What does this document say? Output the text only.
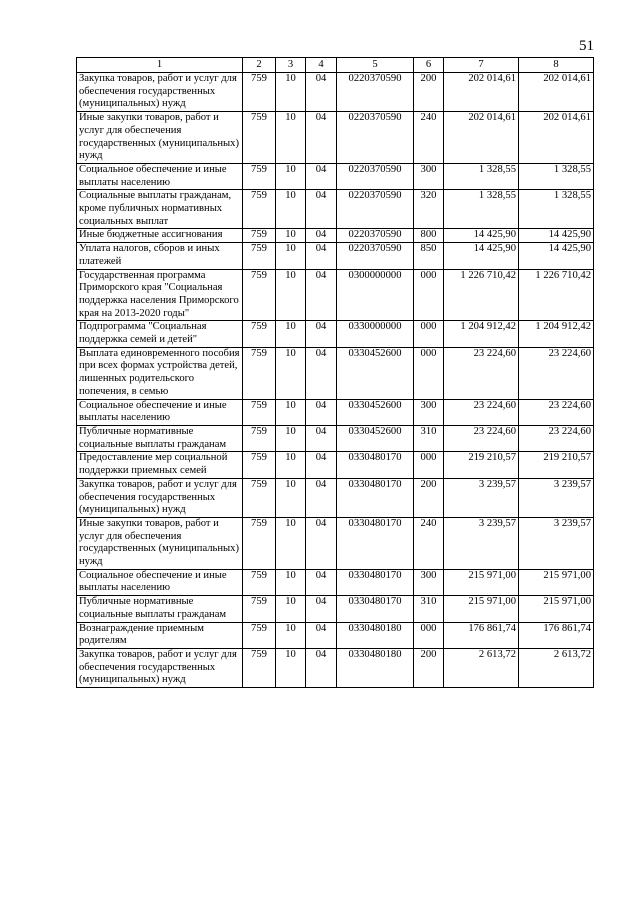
51
1	2	3	4	5	6	7	8
Закупка товаров, работ и услуг для обеспечения государственных (муниципальных) нужд	759	10	04	0220370590	200	202 014,61	202 014,61
Иные закупки товаров, работ и услуг для обеспечения государственных (муниципальных) нужд	759	10	04	0220370590	240	202 014,61	202 014,61
Социальное обеспечение и иные выплаты населению	759	10	04	0220370590	300	1 328,55	1 328,55
Социальные выплаты гражданам, кроме публичных нормативных социальных выплат	759	10	04	0220370590	320	1 328,55	1 328,55
Иные бюджетные ассигнования	759	10	04	0220370590	800	14 425,90	14 425,90
Уплата налогов, сборов и иных платежей	759	10	04	0220370590	850	14 425,90	14 425,90
Государственная программа Приморского края "Социальная поддержка населения Приморского края на 2013-2020 годы"	759	10	04	0300000000	000	1 226 710,42	1 226 710,42
Подпрограмма "Социальная поддержка семей и детей"	759	10	04	0330000000	000	1 204 912,42	1 204 912,42
Выплата единовременного пособия при всех формах устройства детей, лишенных родительского попечения, в семью	759	10	04	0330452600	000	23 224,60	23 224,60
Социальное обеспечение и иные выплаты населению	759	10	04	0330452600	300	23 224,60	23 224,60
Публичные нормативные социальные выплаты гражданам	759	10	04	0330452600	310	23 224,60	23 224,60
Предоставление мер социальной поддержки приемных семей	759	10	04	0330480170	000	219 210,57	219 210,57
Закупка товаров, работ и услуг для обеспечения государственных (муниципальных) нужд	759	10	04	0330480170	200	3 239,57	3 239,57
Иные закупки товаров, работ и услуг для обеспечения государственных (муниципальных) нужд	759	10	04	0330480170	240	3 239,57	3 239,57
Социальное обеспечение и иные выплаты населению	759	10	04	0330480170	300	215 971,00	215 971,00
Публичные нормативные социальные выплаты гражданам	759	10	04	0330480170	310	215 971,00	215 971,00
Вознаграждение приемным родителям	759	10	04	0330480180	000	176 861,74	176 861,74
Закупка товаров, работ и услуг для обеспечения государственных (муниципальных) нужд	759	10	04	0330480180	200	2 613,72	2 613,72
